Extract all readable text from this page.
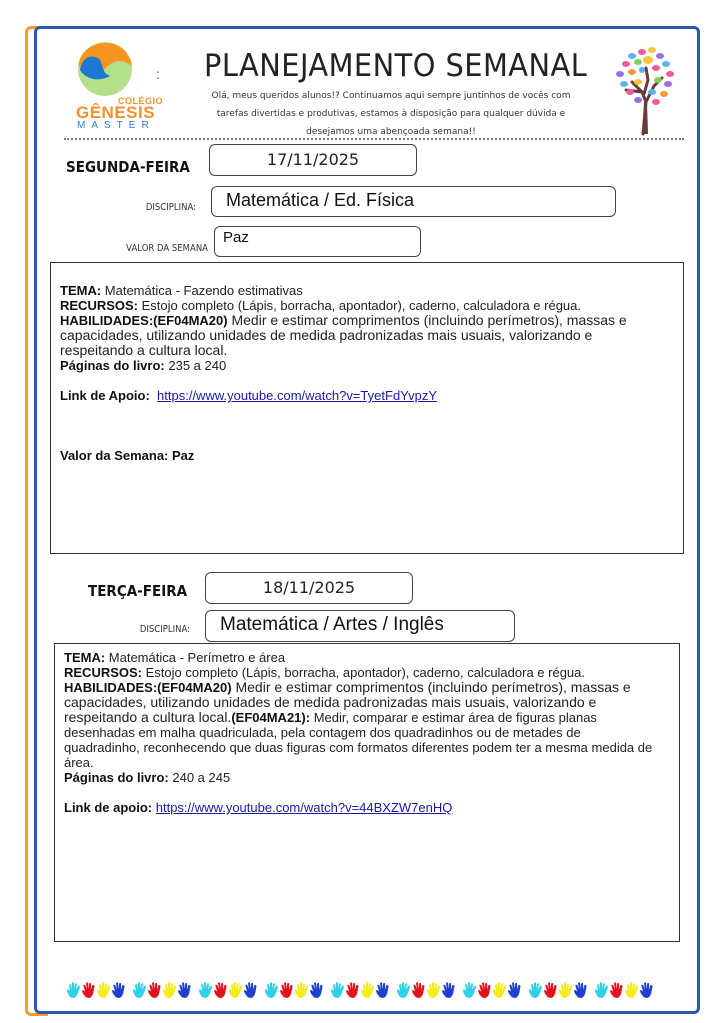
COLÉGIO
GÊNESIS
MASTER
: PLANEJAMENTO SEMANAL
Olá, meus queridos alunos!? Continuamos aqui sempre juntinhos de vocês com
tarefas divertidas e produtivas, estamos à disposição para qualquer dúvida e
desejamos uma abençoada semana!!
SEGUNDA-FEIRA	17/11/2025
DISCIPLINA: Matemática / Ed. Física
VALOR DA SEMANA
Paz
TEMA: Matemática - Fazendo estimativas
RECURSOS: Estojo completo (Lápis, borracha, apontador), caderno, calculadora e régua.
HABILIDADES:(EF04MA20) Medir e estimar comprimentos (incluindo perímetros), massas e
capacidades, utilizando unidades de medida padronizadas mais usuais, valorizando e
respeitando a cultura local.
Páginas do livro: 235 a 240
Link de Apoio: https://www.youtube.com/watch?v=TyetFdYvpzY
Valor da Semana: Paz
TERÇA-FEIRA	18/11/2025
DISCIPLINA: Matemática / Artes / Inglês
TEMA: Matemática - Perímetro e área
RECURSOS: Estojo completo (Lápis, borracha, apontador), caderno, calculadora e régua.
HABILIDADES:(EF04MA20) Medir e estimar comprimentos (incluindo perímetros), massas e
capacidades, utilizando unidades de medida padronizadas mais usuais, valorizando e
respeitando a cultura local.(EF04MA21): Medir, comparar e estimar área de figuras planas
desenhadas em malha quadriculada, pela contagem dos quadradinhos ou de metades de
quadradinho, reconhecendo que duas figuras com formatos diferentes podem ter a mesma medida de
área.
Páginas do livro: 240 a 245
Link de apoio: https://www.youtube.com/watch?v=44BXZW7enHQ
